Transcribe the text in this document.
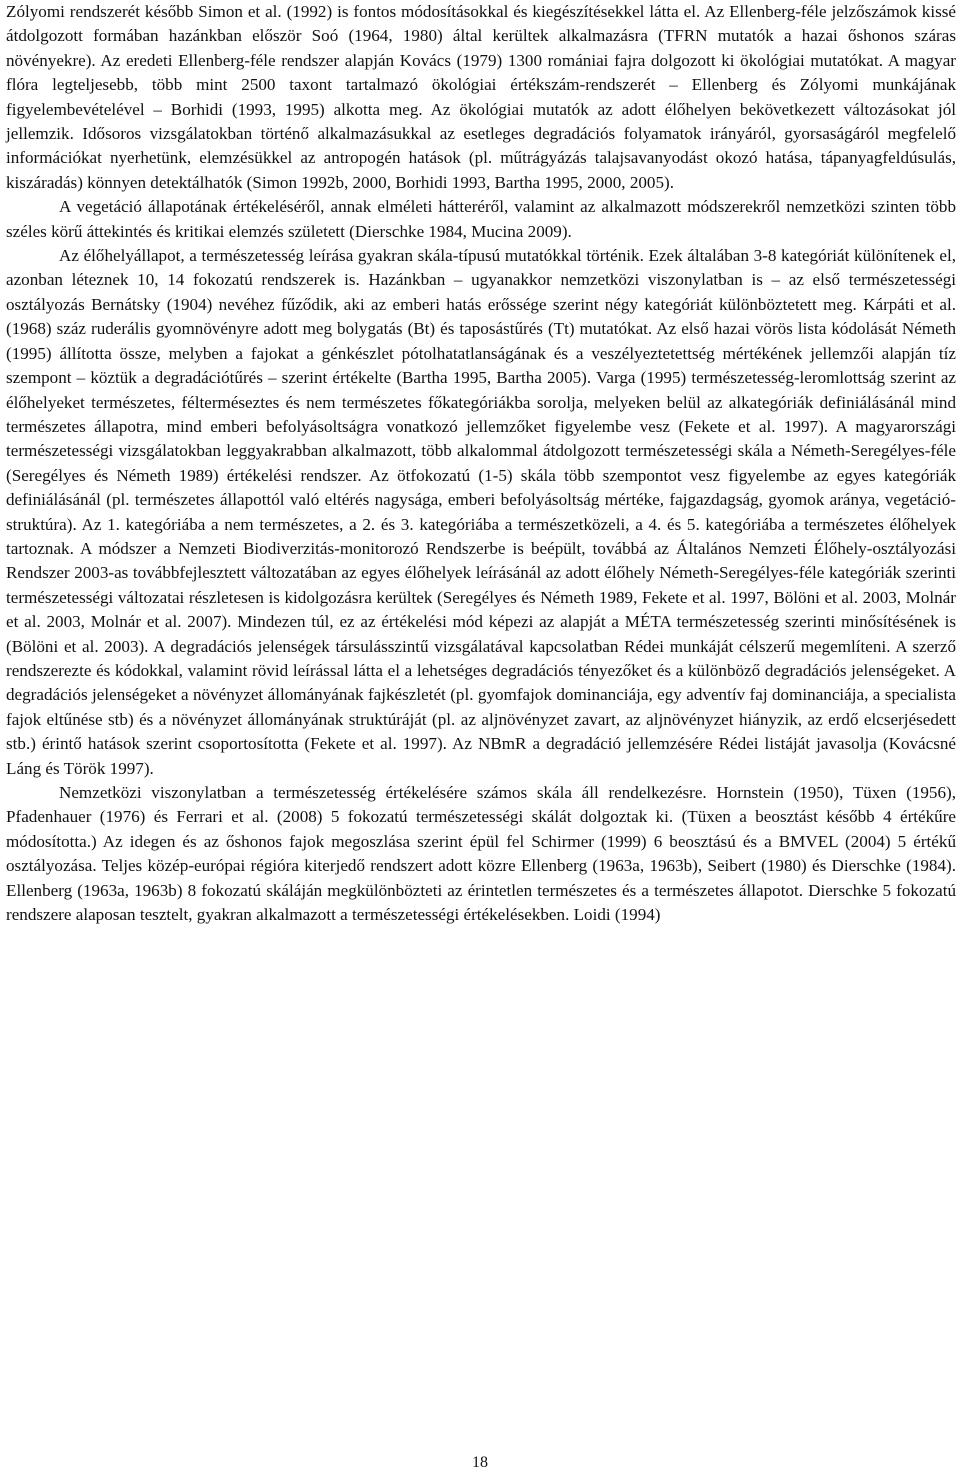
Zólyomi rendszerét később Simon et al. (1992) is fontos módosításokkal és kiegészítésekkel látta el. Az Ellenberg-féle jelzőszámok kissé átdolgozott formában hazánkban először Soó (1964, 1980) által kerültek alkalmazásra (TFRN mutatók a hazai őshonos száras növényekre). Az eredeti Ellenberg-féle rendszer alapján Kovács (1979) 1300 romániai fajra dolgozott ki ökológiai mutatókat. A magyar flóra legteljesebb, több mint 2500 taxont tartalmazó ökológiai értékszám-rendszerét – Ellenberg és Zólyomi munkájának figyelembevételével – Borhidi (1993, 1995) alkotta meg. Az ökológiai mutatók az adott élőhelyen bekövetkezett változásokat jól jellemzik. Idősoros vizsgálatokban történő alkalmazásukkal az esetleges degradációs folyamatok irányáról, gyorsaságáról megfelelő információkat nyerhetünk, elemzésükkel az antropogén hatások (pl. műtrágyázás talajsavanyodást okozó hatása, tápanyagfeldúsulás, kiszáradás) könnyen detektálhatók (Simon 1992b, 2000, Borhidi 1993, Bartha 1995, 2000, 2005).

A vegetáció állapotának értékeléséről, annak elméleti hátteréről, valamint az alkalmazott módszerekről nemzetközi szinten több széles körű áttekintés és kritikai elemzés született (Dierschke 1984, Mucina 2009).

Az élőhelyállapot, a természetesség leírása gyakran skála-típusú mutatókkal történik. Ezek általában 3-8 kategóriát különítenek el, azonban léteznek 10, 14 fokozatú rendszerek is. Hazánkban – ugyanakkor nemzetközi viszonylatban is – az első természetességi osztályozás Bernátsky (1904) nevéhez fűződik, aki az emberi hatás erőssége szerint négy kategóriát különböztetett meg. Kárpáti et al. (1968) száz ruderális gyomnövényre adott meg bolygatás (Bt) és taposástűrés (Tt) mutatókat. Az első hazai vörös lista kódolását Németh (1995) állította össze, melyben a fajokat a génkészlet pótolhatatlanságának és a veszélyeztetettség mértékének jellemzői alapján tíz szempont – köztük a degradációtűrés – szerint értékelte (Bartha 1995, Bartha 2005). Varga (1995) természetesség-leromlottság szerint az élőhelyeket természetes, félterméseztes és nem természetes főkategóriákba sorolja, melyeken belül az alkategóriák definiálásánál mind természetes állapotra, mind emberi befolyásoltságra vonatkozó jellemzőket figyelembe vesz (Fekete et al. 1997). A magyarországi természetességi vizsgálatokban leggyakrabban alkalmazott, több alkalommal átdolgozott természetességi skála a Németh-Seregélyes-féle (Seregélyes és Németh 1989) értékelési rendszer. Az ötfokozatú (1-5) skála több szempontot vesz figyelembe az egyes kategóriák definiálásánál (pl. természetes állapottól való eltérés nagysága, emberi befolyásoltság mértéke, fajgazdagság, gyomok aránya, vegetáció-struktúra). Az 1. kategóriába a nem természetes, a 2. és 3. kategóriába a természetközeli, a 4. és 5. kategóriába a természetes élőhelyek tartoznak. A módszer a Nemzeti Biodiverzitás-monitorozó Rendszerbe is beépült, továbbá az Általános Nemzeti Élőhely-osztályozási Rendszer 2003-as továbbfejlesztett változatában az egyes élőhelyek leírásánál az adott élőhely Németh-Seregélyes-féle kategóriák szerinti természetességi változatai részletesen is kidolgozásra kerültek (Seregélyes és Németh 1989, Fekete et al. 1997, Bölöni et al. 2003, Molnár et al. 2003, Molnár et al. 2007). Mindezen túl, ez az értékelési mód képezi az alapját a MÉTA természetesség szerinti minősítésének is (Bölöni et al. 2003). A degradációs jelenségek társulásszintű vizsgálatával kapcsolatban Rédei munkáját célszerű megemlíteni. A szerző rendszerezte és kódokkal, valamint rövid leírással látta el a lehetséges degradációs tényezőket és a különböző degradációs jelenségeket. A degradációs jelenségeket a növényzet állományának fajkészletét (pl. gyomfajok dominanciája, egy adventív faj dominanciája, a specialista fajok eltűnése stb) és a növényzet állományának struktúráját (pl. az aljnövényzet zavart, az aljnövényzet hiányzik, az erdő elcserjésedett stb.) érintő hatások szerint csoportosította (Fekete et al. 1997). Az NBmR a degradáció jellemzésére Rédei listáját javasolja (Kovácsné Láng és Török 1997).

Nemzetközi viszonylatban a természetesség értékelésére számos skála áll rendelkezésre. Hornstein (1950), Tüxen (1956), Pfadenhauer (1976) és Ferrari et al. (2008) 5 fokozatú természetességi skálát dolgoztak ki. (Tüxen a beosztást később 4 értékűre módosította.) Az idegen és az őshonos fajok megoszlása szerint épül fel Schirmer (1999) 6 beosztású és a BMVEL (2004) 5 értékű osztályozása. Teljes közép-európai régióra kiterjedő rendszert adott közre Ellenberg (1963a, 1963b), Seibert (1980) és Dierschke (1984). Ellenberg (1963a, 1963b) 8 fokozatú skáláján megkülönbözteti az érintetlen természetes és a természetes állapotot. Dierschke 5 fokozatú rendszere alaposan tesztelt, gyakran alkalmazott a természetességi értékelésekben. Loidi (1994)

18
